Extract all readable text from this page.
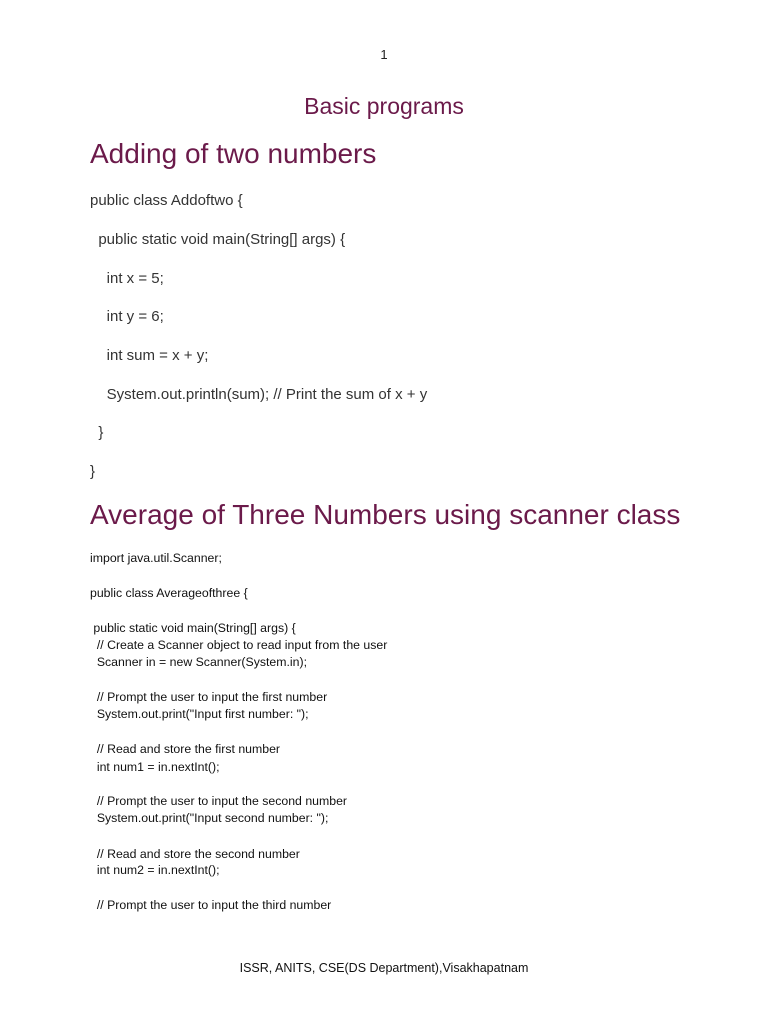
1
Basic programs
Adding of two numbers
public class Addoftwo {
public static void main(String[] args) {
int x = 5;
int y = 6;
int sum = x + y;
System.out.println(sum); // Print the sum of x + y
}
}
Average of Three Numbers using scanner class
import java.util.Scanner;
public class Averageofthree {
public static void main(String[] args) {
// Create a Scanner object to read input from the user
Scanner in = new Scanner(System.in);
// Prompt the user to input the first number
System.out.print("Input first number: ");
// Read and store the first number
int num1 = in.nextInt();
// Prompt the user to input the second number
System.out.print("Input second number: ");
// Read and store the second number
int num2 = in.nextInt();
// Prompt the user to input the third number
ISSR, ANITS, CSE(DS Department),Visakhapatnam
